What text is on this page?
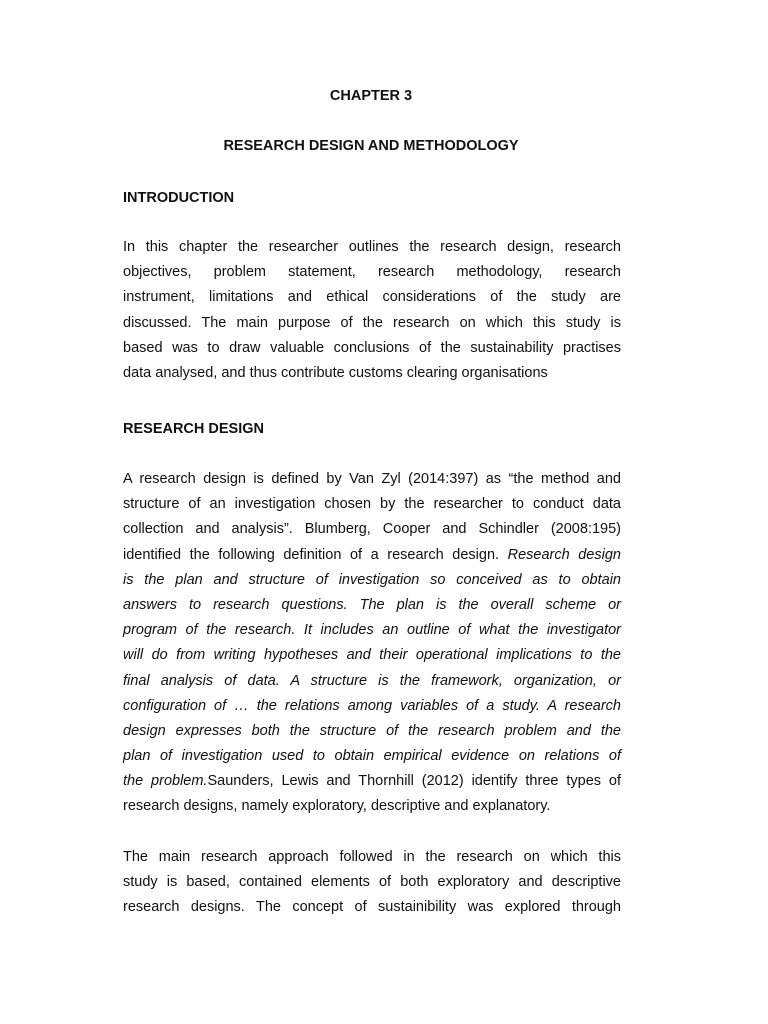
CHAPTER 3
RESEARCH DESIGN AND METHODOLOGY
INTRODUCTION
In this chapter the researcher outlines the research design, research
objectives, problem statement, research methodology, research
instrument, limitations and ethical considerations of the study are
discussed. The main purpose of the research on which this study is
based was to draw valuable conclusions of the sustainability practises
data analysed, and thus contribute customs clearing organisations
RESEARCH DESIGN
A research design is defined by Van Zyl (2014:397) as “the method and
structure of an investigation chosen by the researcher to conduct data
collection and analysis”. Blumberg, Cooper and Schindler (2008:195)
identified the following definition of a research design. Research design
is the plan and structure of investigation so conceived as to obtain
answers to research questions. The plan is the overall scheme or
program of the research. It includes an outline of what the investigator
will do from writing hypotheses and their operational implications to the
final analysis of data. A structure is the framework, organization, or
configuration of … the relations among variables of a study. A research
design expresses both the structure of the research problem and the
plan of investigation used to obtain empirical evidence on relations of
the problem.Saunders, Lewis and Thornhill (2012) identify three types of
research designs, namely exploratory, descriptive and explanatory.
The main research approach followed in the research on which this
study is based, contained elements of both exploratory and descriptive
research designs. The concept of sustainibility was explored through
